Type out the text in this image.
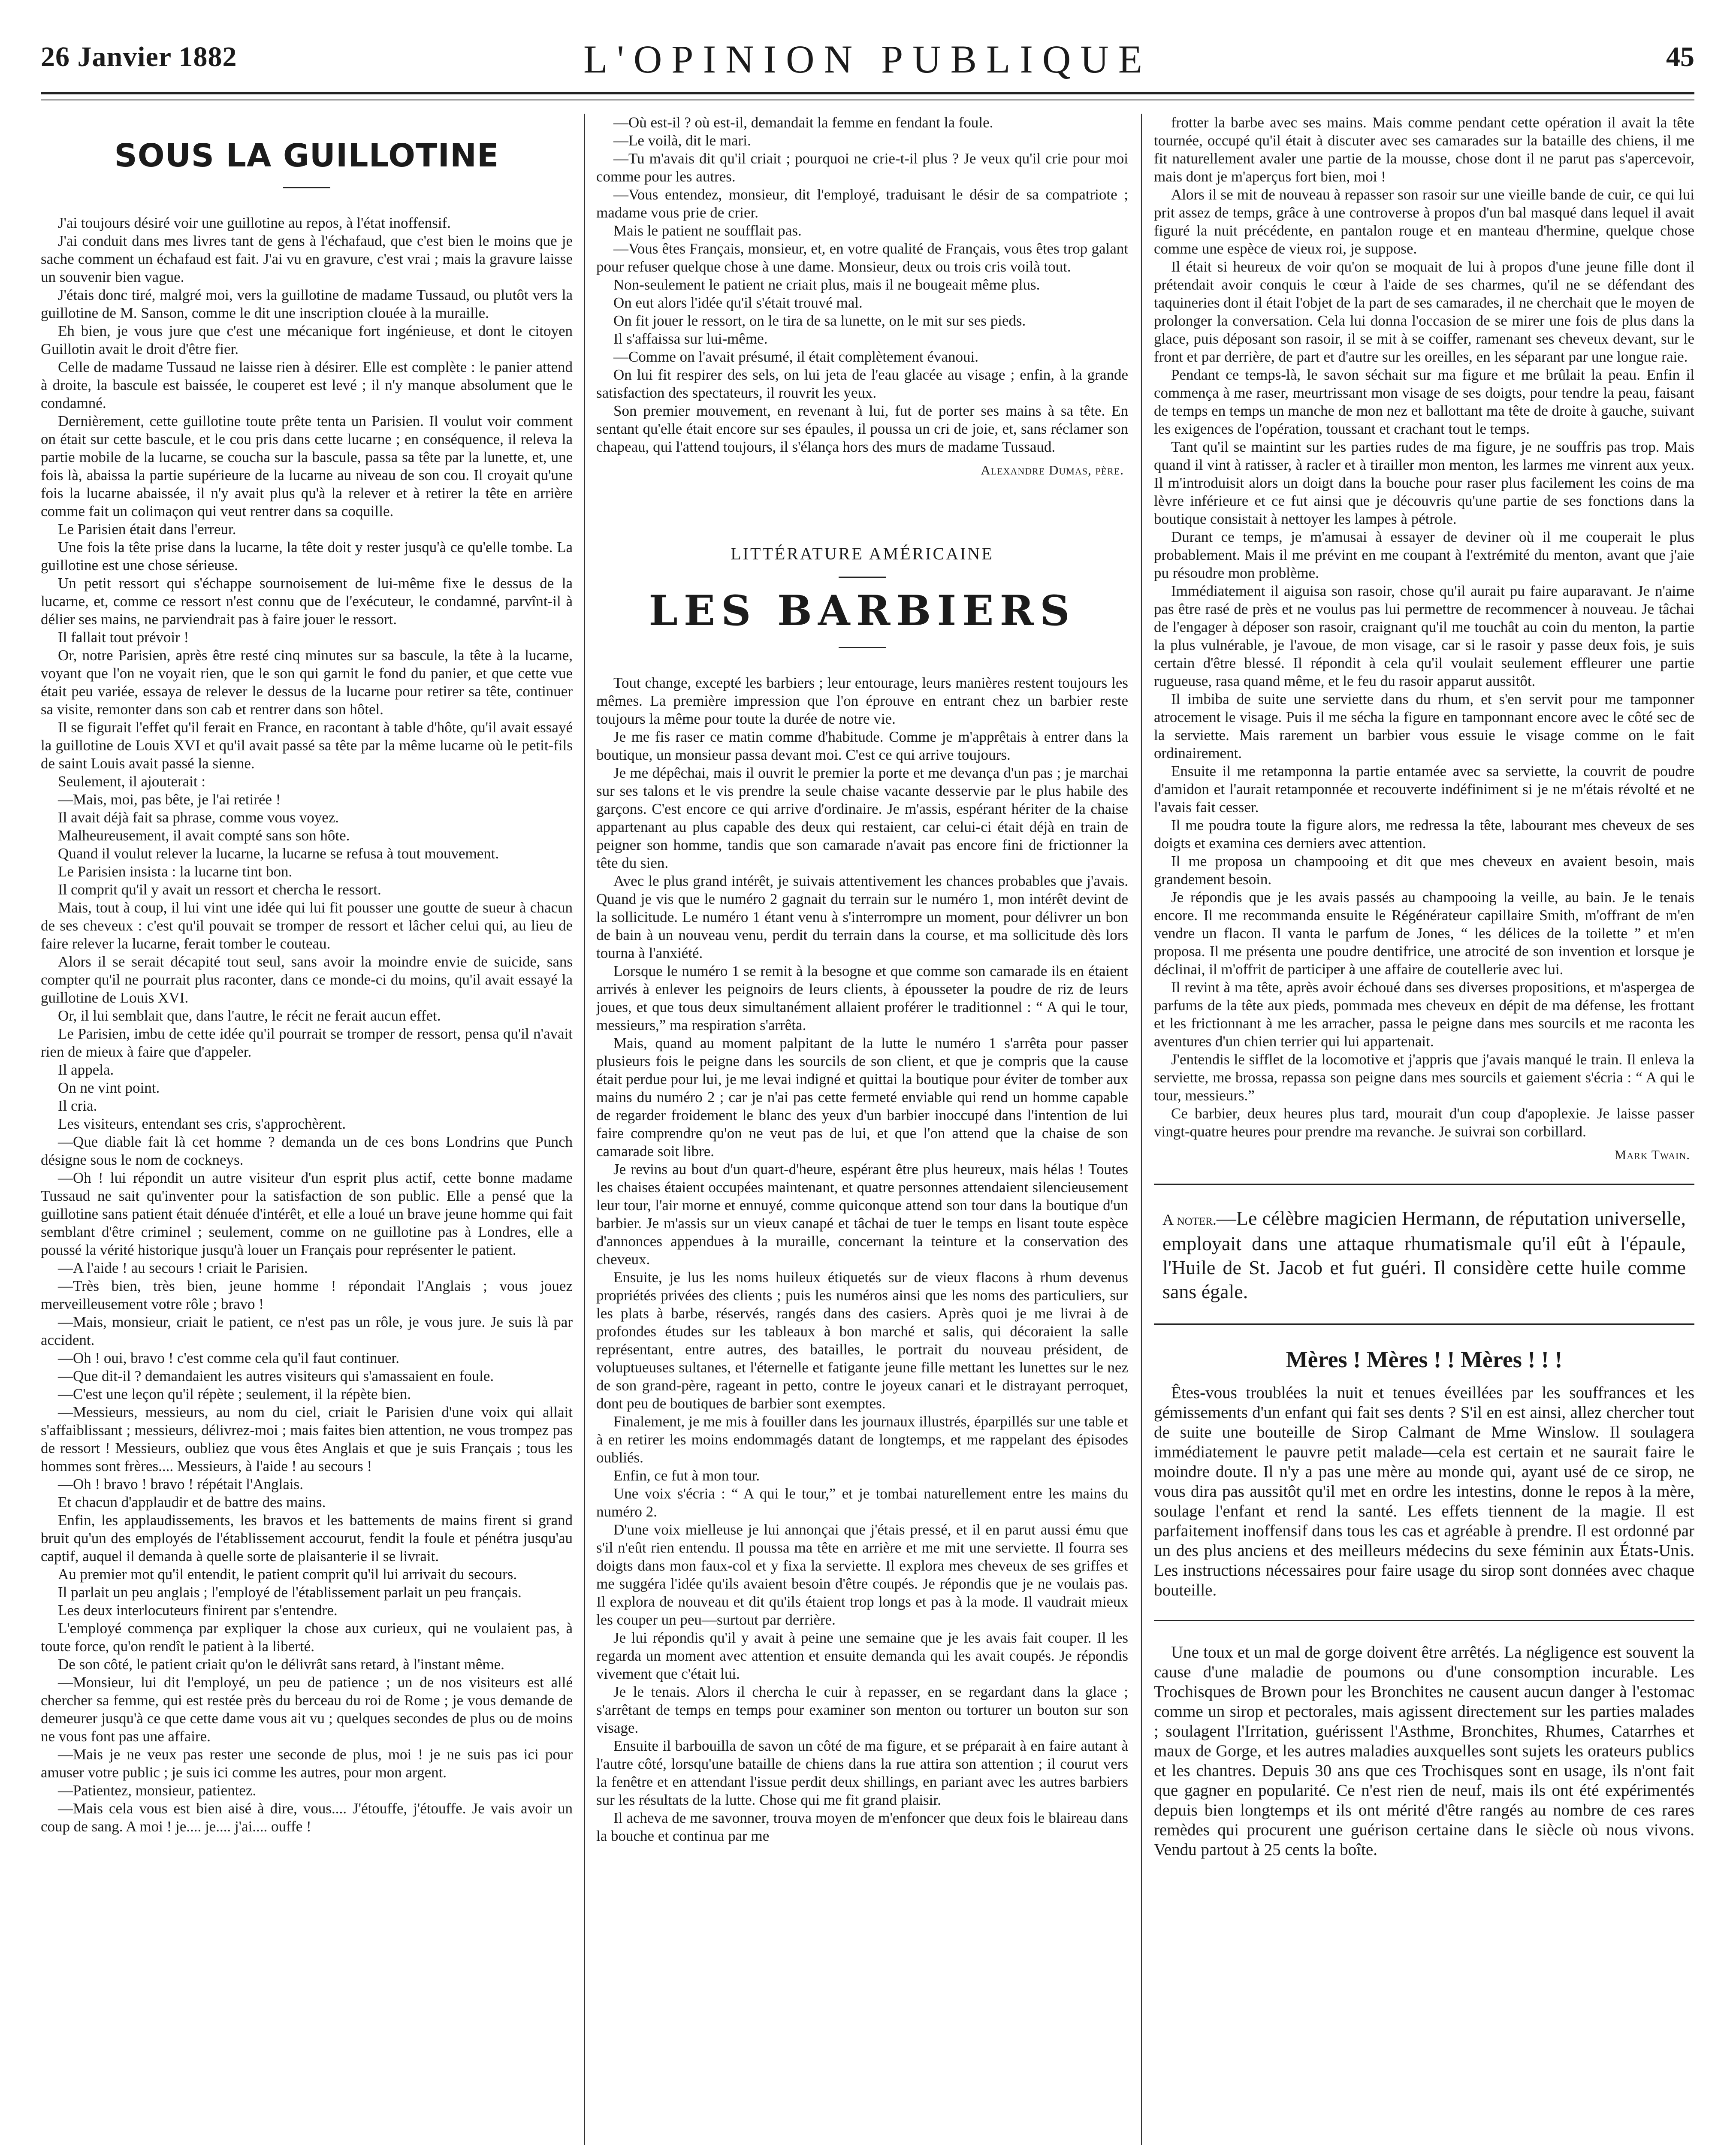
26 Janvier 1882	L'OPINION PUBLIQUE	45
SOUS LA GUILLOTINE

J'ai toujours désiré voir une guillotine au repos, à l'état inoffensif.

J'ai conduit dans mes livres tant de gens à l'échafaud, que c'est bien le moins que je sache comment un échafaud est fait. J'ai vu en gravure, c'est vrai ; mais la gravure laisse un souvenir bien vague.

J'étais donc tiré, malgré moi, vers la guillotine de madame Tussaud, ou plutôt vers la guillotine de M. Sanson, comme le dit une inscription clouée à la muraille.

Eh bien, je vous jure que c'est une mécanique fort ingénieuse, et dont le citoyen Guillotin avait le droit d'être fier.

Celle de madame Tussaud ne laisse rien à désirer. Elle est complète : le panier attend à droite, la bascule est baissée, le couperet est levé ; il n'y manque absolument que le condamné.

Dernièrement, cette guillotine toute prête tenta un Parisien. Il voulut voir comment on était sur cette bascule, et le cou pris dans cette lucarne ; en conséquence, il releva la partie mobile de la lucarne, se coucha sur la bascule, passa sa tête par la lunette, et, une fois là, abaissa la partie supérieure de la lucarne au niveau de son cou. Il croyait qu'une fois la lucarne abaissée, il n'y avait plus qu'à la relever et à retirer la tête en arrière comme fait un colimaçon qui veut rentrer dans sa coquille.

Le Parisien était dans l'erreur.

Une fois la tête prise dans la lucarne, la tête doit y rester jusqu'à ce qu'elle tombe. La guillotine est une chose sérieuse.

Un petit ressort qui s'échappe sournoisement de lui-même fixe le dessus de la lucarne, et, comme ce ressort n'est connu que de l'exécuteur, le condamné, parvînt-il à délier ses mains, ne parviendrait pas à faire jouer le ressort.

Il fallait tout prévoir !

Or, notre Parisien, après être resté cinq minutes sur sa bascule, la tête à la lucarne, voyant que l'on ne voyait rien, que le son qui garnit le fond du panier, et que cette vue était peu variée, essaya de relever le dessus de la lucarne pour retirer sa tête, continuer sa visite, remonter dans son cab et rentrer dans son hôtel.

Il se figurait l'effet qu'il ferait en France, en racontant à table d'hôte, qu'il avait essayé la guillotine de Louis XVI et qu'il avait passé sa tête par la même lucarne où le petit-fils de saint Louis avait passé la sienne.

Seulement, il ajouterait :

—Mais, moi, pas bête, je l'ai retirée !

Il avait déjà fait sa phrase, comme vous voyez.

Malheureusement, il avait compté sans son hôte.

Quand il voulut relever la lucarne, la lucarne se refusa à tout mouvement.

Le Parisien insista : la lucarne tint bon.

Il comprit qu'il y avait un ressort et chercha le ressort.

Mais, tout à coup, il lui vint une idée qui lui fit pousser une goutte de sueur à chacun de ses cheveux : c'est qu'il pouvait se tromper de ressort et lâcher celui qui, au lieu de faire relever la lucarne, ferait tomber le couteau.

Alors il se serait décapité tout seul, sans avoir la moindre envie de suicide, sans compter qu'il ne pourrait plus raconter, dans ce monde-ci du moins, qu'il avait essayé la guillotine de Louis XVI.

Or, il lui semblait que, dans l'autre, le récit ne ferait aucun effet.

Le Parisien, imbu de cette idée qu'il pourrait se tromper de ressort, pensa qu'il n'avait rien de mieux à faire que d'appeler.

Il appela.

On ne vint point.

Il cria.

Les visiteurs, entendant ses cris, s'approchèrent.

—Que diable fait là cet homme ? demanda un de ces bons Londrins que Punch désigne sous le nom de cockneys.

—Oh ! lui répondit un autre visiteur d'un esprit plus actif, cette bonne madame Tussaud ne sait qu'inventer pour la satisfaction de son public. Elle a pensé que la guillotine sans patient était dénuée d'intérêt, et elle a loué un brave jeune homme qui fait semblant d'être criminel ; seulement, comme on ne guillotine pas à Londres, elle a poussé la vérité historique jusqu'à louer un Français pour représenter le patient.

—A l'aide ! au secours ! criait le Parisien.

—Très bien, très bien, jeune homme ! répondait l'Anglais ; vous jouez merveilleusement votre rôle ; bravo !

—Mais, monsieur, criait le patient, ce n'est pas un rôle, je vous jure. Je suis là par accident.

—Oh ! oui, bravo ! c'est comme cela qu'il faut continuer.

—Que dit-il ? demandaient les autres visiteurs qui s'amassaient en foule.

—C'est une leçon qu'il répète ; seulement, il la répète bien.

—Messieurs, messieurs, au nom du ciel, criait le Parisien d'une voix qui allait s'affaiblissant ; messieurs, délivrez-moi ; mais faites bien attention, ne vous trompez pas de ressort ! Messieurs, oubliez que vous êtes Anglais et que je suis Français ; tous les hommes sont frères.... Messieurs, à l'aide ! au secours !

—Oh ! bravo ! bravo ! répétait l'Anglais.

Et chacun d'applaudir et de battre des mains.

Enfin, les applaudissements, les bravos et les battements de mains firent si grand bruit qu'un des employés de l'établissement accourut, fendit la foule et pénétra jusqu'au captif, auquel il demanda à quelle sorte de plaisanterie il se livrait.

Au premier mot qu'il entendit, le patient comprit qu'il lui arrivait du secours.

Il parlait un peu anglais ; l'employé de l'établissement parlait un peu français.

Les deux interlocuteurs finirent par s'entendre.

L'employé commença par expliquer la chose aux curieux, qui ne voulaient pas, à toute force, qu'on rendît le patient à la liberté.

De son côté, le patient criait qu'on le délivrât sans retard, à l'instant même.

—Monsieur, lui dit l'employé, un peu de patience ; un de nos visiteurs est allé chercher sa femme, qui est restée près du berceau du roi de Rome ; je vous demande de demeurer jusqu'à ce que cette dame vous ait vu ; quelques secondes de plus ou de moins ne vous font pas une affaire.

—Mais je ne veux pas rester une seconde de plus, moi ! je ne suis pas ici pour amuser votre public ; je suis ici comme les autres, pour mon argent.

—Patientez, monsieur, patientez.

—Mais cela vous est bien aisé à dire, vous.... J'étouffe, j'étouffe. Je vais avoir un coup de sang. A moi ! je.... je.... j'ai.... ouffe !

—Où est-il ? où est-il, demandait la femme en fendant la foule.

—Le voilà, dit le mari.

—Tu m'avais dit qu'il criait ; pourquoi ne crie-t-il plus ? Je veux qu'il crie pour moi comme pour les autres.

—Vous entendez, monsieur, dit l'employé, traduisant le désir de sa compatriote ; madame vous prie de crier.

Mais le patient ne soufflait pas.

—Vous êtes Français, monsieur, et, en votre qualité de Français, vous êtes trop galant pour refuser quelque chose à une dame. Monsieur, deux ou trois cris voilà tout.

Non-seulement le patient ne criait plus, mais il ne bougeait même plus.

On eut alors l'idée qu'il s'était trouvé mal.

On fit jouer le ressort, on le tira de sa lunette, on le mit sur ses pieds.

Il s'affaissa sur lui-même.

—Comme on l'avait présumé, il était complètement évanoui.

On lui fit respirer des sels, on lui jeta de l'eau glacée au visage ; enfin, à la grande satisfaction des spectateurs, il rouvrit les yeux.

Son premier mouvement, en revenant à lui, fut de porter ses mains à sa tête. En sentant qu'elle était encore sur ses épaules, il poussa un cri de joie, et, sans réclamer son chapeau, qui l'attend toujours, il s'élança hors des murs de madame Tussaud.

Alexandre Dumas, père.
LITTÉRATURE AMÉRICAINE
LES BARBIERS

Tout change, excepté les barbiers ; leur entourage, leurs manières restent toujours les mêmes. La première impression que l'on éprouve en entrant chez un barbier reste toujours la même pour toute la durée de notre vie.

Je me fis raser ce matin comme d'habitude. Comme je m'apprêtais à entrer dans la boutique, un monsieur passa devant moi. C'est ce qui arrive toujours.

Je me dépêchai, mais il ouvrit le premier la porte et me devança d'un pas ; je marchai sur ses talons et le vis prendre la seule chaise vacante desservie par le plus habile des garçons. C'est encore ce qui arrive d'ordinaire. Je m'assis, espérant hériter de la chaise appartenant au plus capable des deux qui restaient, car celui-ci était déjà en train de peigner son homme, tandis que son camarade n'avait pas encore fini de frictionner la tête du sien.

Avec le plus grand intérêt, je suivais attentivement les chances probables que j'avais. Quand je vis que le numéro 2 gagnait du terrain sur le numéro 1, mon intérêt devint de la sollicitude. Le numéro 1 étant venu à s'interrompre un moment, pour délivrer un bon de bain à un nouveau venu, perdit du terrain dans la course, et ma sollicitude dès lors tourna à l'anxiété.

Lorsque le numéro 1 se remit à la besogne et que comme son camarade ils en étaient arrivés à enlever les peignoirs de leurs clients, à épousseter la poudre de riz de leurs joues, et que tous deux simultanément allaient proférer le traditionnel : “ A qui le tour, messieurs,” ma respiration s'arrêta.

Mais, quand au moment palpitant de la lutte le numéro 1 s'arrêta pour passer plusieurs fois le peigne dans les sourcils de son client, et que je compris que la cause était perdue pour lui, je me levai indigné et quittai la boutique pour éviter de tomber aux mains du numéro 2 ; car je n'ai pas cette fermeté enviable qui rend un homme capable de regarder froidement le blanc des yeux d'un barbier inoccupé dans l'intention de lui faire comprendre qu'on ne veut pas de lui, et que l'on attend que la chaise de son camarade soit libre.

Je revins au bout d'un quart-d'heure, espérant être plus heureux, mais hélas ! Toutes les chaises étaient occupées maintenant, et quatre personnes attendaient silencieusement leur tour, l'air morne et ennuyé, comme quiconque attend son tour dans la boutique d'un barbier. Je m'assis sur un vieux canapé et tâchai de tuer le temps en lisant toute espèce d'annonces appendues à la muraille, concernant la teinture et la conservation des cheveux.

Ensuite, je lus les noms huileux étiquetés sur de vieux flacons à rhum devenus propriétés privées des clients ; puis les numéros ainsi que les noms des particuliers, sur les plats à barbe, réservés, rangés dans des casiers. Après quoi je me livrai à de profondes études sur les tableaux à bon marché et salis, qui décoraient la salle représentant, entre autres, des batailles, le portrait du nouveau président, de voluptueuses sultanes, et l'éternelle et fatigante jeune fille mettant les lunettes sur le nez de son grand-père, rageant in petto, contre le joyeux canari et le distrayant perroquet, dont peu de boutiques de barbier sont exemptes.

Finalement, je me mis à fouiller dans les journaux illustrés, éparpillés sur une table et à en retirer les moins endommagés datant de longtemps, et me rappelant des épisodes oubliés.

Enfin, ce fut à mon tour.

Une voix s'écria : “ A qui le tour,” et je tombai naturellement entre les mains du numéro 2.

D'une voix mielleuse je lui annonçai que j'étais pressé, et il en parut aussi ému que s'il n'eût rien entendu. Il poussa ma tête en arrière et me mit une serviette. Il fourra ses doigts dans mon faux-col et y fixa la serviette. Il explora mes cheveux de ses griffes et me suggéra l'idée qu'ils avaient besoin d'être coupés. Je répondis que je ne voulais pas. Il explora de nouveau et dit qu'ils étaient trop longs et pas à la mode. Il vaudrait mieux les couper un peu—surtout par derrière.

Je lui répondis qu'il y avait à peine une semaine que je les avais fait couper. Il les regarda un moment avec attention et ensuite demanda qui les avait coupés. Je répondis vivement que c'était lui.

Je le tenais. Alors il chercha le cuir à repasser, en se regardant dans la glace ; s'arrêtant de temps en temps pour examiner son menton ou torturer un bouton sur son visage.

Ensuite il barbouilla de savon un côté de ma figure, et se préparait à en faire autant à l'autre côté, lorsqu'une bataille de chiens dans la rue attira son attention ; il courut vers la fenêtre et en attendant l'issue perdit deux shillings, en pariant avec les autres barbiers sur les résultats de la lutte. Chose qui me fit grand plaisir.

Il acheva de me savonner, trouva moyen de m'enfoncer que deux fois le blaireau dans la bouche et continua par me

frotter la barbe avec ses mains. Mais comme pendant cette opération il avait la tête tournée, occupé qu'il était à discuter avec ses camarades sur la bataille des chiens, il me fit naturellement avaler une partie de la mousse, chose dont il ne parut pas s'apercevoir, mais dont je m'aperçus fort bien, moi !

Alors il se mit de nouveau à repasser son rasoir sur une vieille bande de cuir, ce qui lui prit assez de temps, grâce à une controverse à propos d'un bal masqué dans lequel il avait figuré la nuit précédente, en pantalon rouge et en manteau d'hermine, quelque chose comme une espèce de vieux roi, je suppose.

Il était si heureux de voir qu'on se moquait de lui à propos d'une jeune fille dont il prétendait avoir conquis le cœur à l'aide de ses charmes, qu'il ne se défendant des taquineries dont il était l'objet de la part de ses camarades, il ne cherchait que le moyen de prolonger la conversation. Cela lui donna l'occasion de se mirer une fois de plus dans la glace, puis déposant son rasoir, il se mit à se coiffer, ramenant ses cheveux devant, sur le front et par derrière, de part et d'autre sur les oreilles, en les séparant par une longue raie.

Pendant ce temps-là, le savon séchait sur ma figure et me brûlait la peau. Enfin il commença à me raser, meurtrissant mon visage de ses doigts, pour tendre la peau, faisant de temps en temps un manche de mon nez et ballottant ma tête de droite à gauche, suivant les exigences de l'opération, toussant et crachant tout le temps.

Tant qu'il se maintint sur les parties rudes de ma figure, je ne souffris pas trop. Mais quand il vint à ratisser, à racler et à tirailler mon menton, les larmes me vinrent aux yeux. Il m'introduisit alors un doigt dans la bouche pour raser plus facilement les coins de ma lèvre inférieure et ce fut ainsi que je découvris qu'une partie de ses fonctions dans la boutique consistait à nettoyer les lampes à pétrole.

Durant ce temps, je m'amusai à essayer de deviner où il me couperait le plus probablement. Mais il me prévint en me coupant à l'extrémité du menton, avant que j'aie pu résoudre mon problème.

Immédiatement il aiguisa son rasoir, chose qu'il aurait pu faire auparavant. Je n'aime pas être rasé de près et ne voulus pas lui permettre de recommencer à nouveau. Je tâchai de l'engager à déposer son rasoir, craignant qu'il me touchât au coin du menton, la partie la plus vulnérable, je l'avoue, de mon visage, car si le rasoir y passe deux fois, je suis certain d'être blessé. Il répondit à cela qu'il voulait seulement effleurer une partie rugueuse, rasa quand même, et le feu du rasoir apparut aussitôt.

Il imbiba de suite une serviette dans du rhum, et s'en servit pour me tamponner atrocement le visage. Puis il me sécha la figure en tamponnant encore avec le côté sec de la serviette. Mais rarement un barbier vous essuie le visage comme on le fait ordinairement.

Ensuite il me retamponna la partie entamée avec sa serviette, la couvrit de poudre d'amidon et l'aurait retamponnée et recouverte indéfiniment si je ne m'étais révolté et ne l'avais fait cesser.

Il me poudra toute la figure alors, me redressa la tête, labourant mes cheveux de ses doigts et examina ces derniers avec attention.

Il me proposa un champooing et dit que mes cheveux en avaient besoin, mais grandement besoin.

Je répondis que je les avais passés au champooing la veille, au bain. Je le tenais encore. Il me recommanda ensuite le Régénérateur capillaire Smith, m'offrant de m'en vendre un flacon. Il vanta le parfum de Jones, “ les délices de la toilette ” et m'en proposa. Il me présenta une poudre dentifrice, une atrocité de son invention et lorsque je déclinai, il m'offrit de participer à une affaire de coutellerie avec lui.

Il revint à ma tête, après avoir échoué dans ses diverses propositions, et m'aspergea de parfums de la tête aux pieds, pommada mes cheveux en dépit de ma défense, les frottant et les frictionnant à me les arracher, passa le peigne dans mes sourcils et me raconta les aventures d'un chien terrier qui lui appartenait.

J'entendis le sifflet de la locomotive et j'appris que j'avais manqué le train. Il enleva la serviette, me brossa, repassa son peigne dans mes sourcils et gaiement s'écria : “ A qui le tour, messieurs.”

Ce barbier, deux heures plus tard, mourait d'un coup d'apoplexie. Je laisse passer vingt-quatre heures pour prendre ma revanche. Je suivrai son corbillard.

Mark Twain.
A noter.—Le célèbre magicien Hermann, de réputation universelle, employait dans une attaque rhumatismale qu'il eût à l'épaule, l'Huile de St. Jacob et fut guéri. Il considère cette huile comme sans égale.
Mères ! Mères ! ! Mères ! ! !

Êtes-vous troublées la nuit et tenues éveillées par les souffrances et les gémissements d'un enfant qui fait ses dents ? S'il en est ainsi, allez chercher tout de suite une bouteille de Sirop Calmant de Mme Winslow. Il soulagera immédiatement le pauvre petit malade—cela est certain et ne saurait faire le moindre doute. Il n'y a pas une mère au monde qui, ayant usé de ce sirop, ne vous dira pas aussitôt qu'il met en ordre les intestins, donne le repos à la mère, soulage l'enfant et rend la santé. Les effets tiennent de la magie. Il est parfaitement inoffensif dans tous les cas et agréable à prendre. Il est ordonné par un des plus anciens et des meilleurs médecins du sexe féminin aux États-Unis. Les instructions nécessaires pour faire usage du sirop sont données avec chaque bouteille.

Une toux et un mal de gorge doivent être arrêtés. La négligence est souvent la cause d'une maladie de poumons ou d'une consomption incurable. Les Trochisques de Brown pour les Bronchites ne causent aucun danger à l'estomac comme un sirop et pectorales, mais agissent directement sur les parties malades ; soulagent l'Irritation, guérissent l'Asthme, Bronchites, Rhumes, Catarrhes et maux de Gorge, et les autres maladies auxquelles sont sujets les orateurs publics et les chantres. Depuis 30 ans que ces Trochisques sont en usage, ils n'ont fait que gagner en popularité. Ce n'est rien de neuf, mais ils ont été expérimentés depuis bien longtemps et ils ont mérité d'être rangés au nombre de ces rares remèdes qui procurent une guérison certaine dans le siècle où nous vivons. Vendu partout à 25 cents la boîte.
